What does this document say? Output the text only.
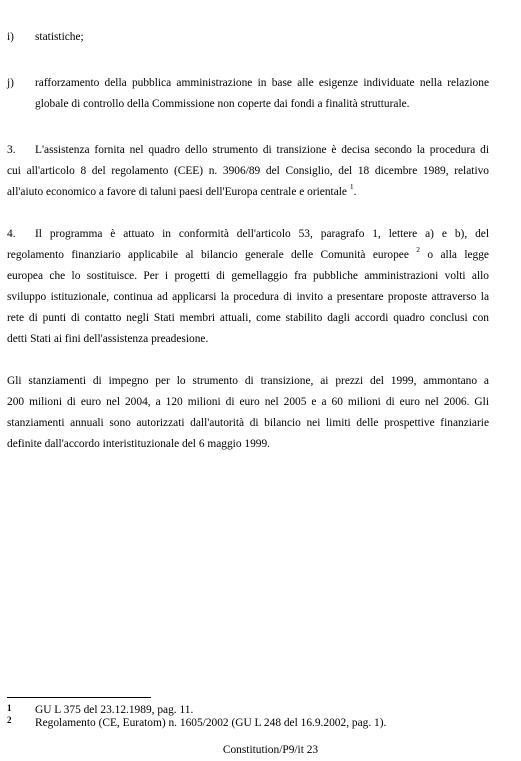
i) statistiche;
j) rafforzamento della pubblica amministrazione in base alle esigenze individuate nella relazione
globale di controllo della Commissione non coperte dai fondi a finalità strutturale.
3. L'assistenza fornita nel quadro dello strumento di transizione è decisa secondo la procedura di
cui all'articolo 8 del regolamento (CEE) n. 3906/89 del Consiglio, del 18 dicembre 1989, relativo
all'aiuto economico a favore di taluni paesi dell'Europa centrale e orientale $^1$.
4. Il programma è attuato in conformità dell'articolo 53, paragrafo 1, lettere a) e b), del
regolamento finanziario applicabile al bilancio generale delle Comunità europee $^2$ o alla legge
europea che lo sostituisce. Per i progetti di gemellaggio fra pubbliche amministrazioni volti allo
sviluppo istituzionale, continua ad applicarsi la procedura di invito a presentare proposte attraverso la
rete di punti di contatto negli Stati membri attuali, come stabilito dagli accordi quadro conclusi con
detti Stati ai fini dell'assistenza preadesione.
Gli stanziamenti di impegno per lo strumento di transizione, ai prezzi del 1999, ammontano a
200 milioni di euro nel 2004, a 120 milioni di euro nel 2005 e a 60 milioni di euro nel 2006. Gli
stanziamenti annuali sono autorizzati dall'autorità di bilancio nei limiti delle prospettive finanziarie
definite dall'accordo interistituzionale del 6 maggio 1999.
1 GU L 375 del 23.12.1989, pag. 11.
2 Regolamento (CE, Euratom) n. 1605/2002 (GU L 248 del 16.9.2002, pag. 1).
Constitution/P9/it 23
